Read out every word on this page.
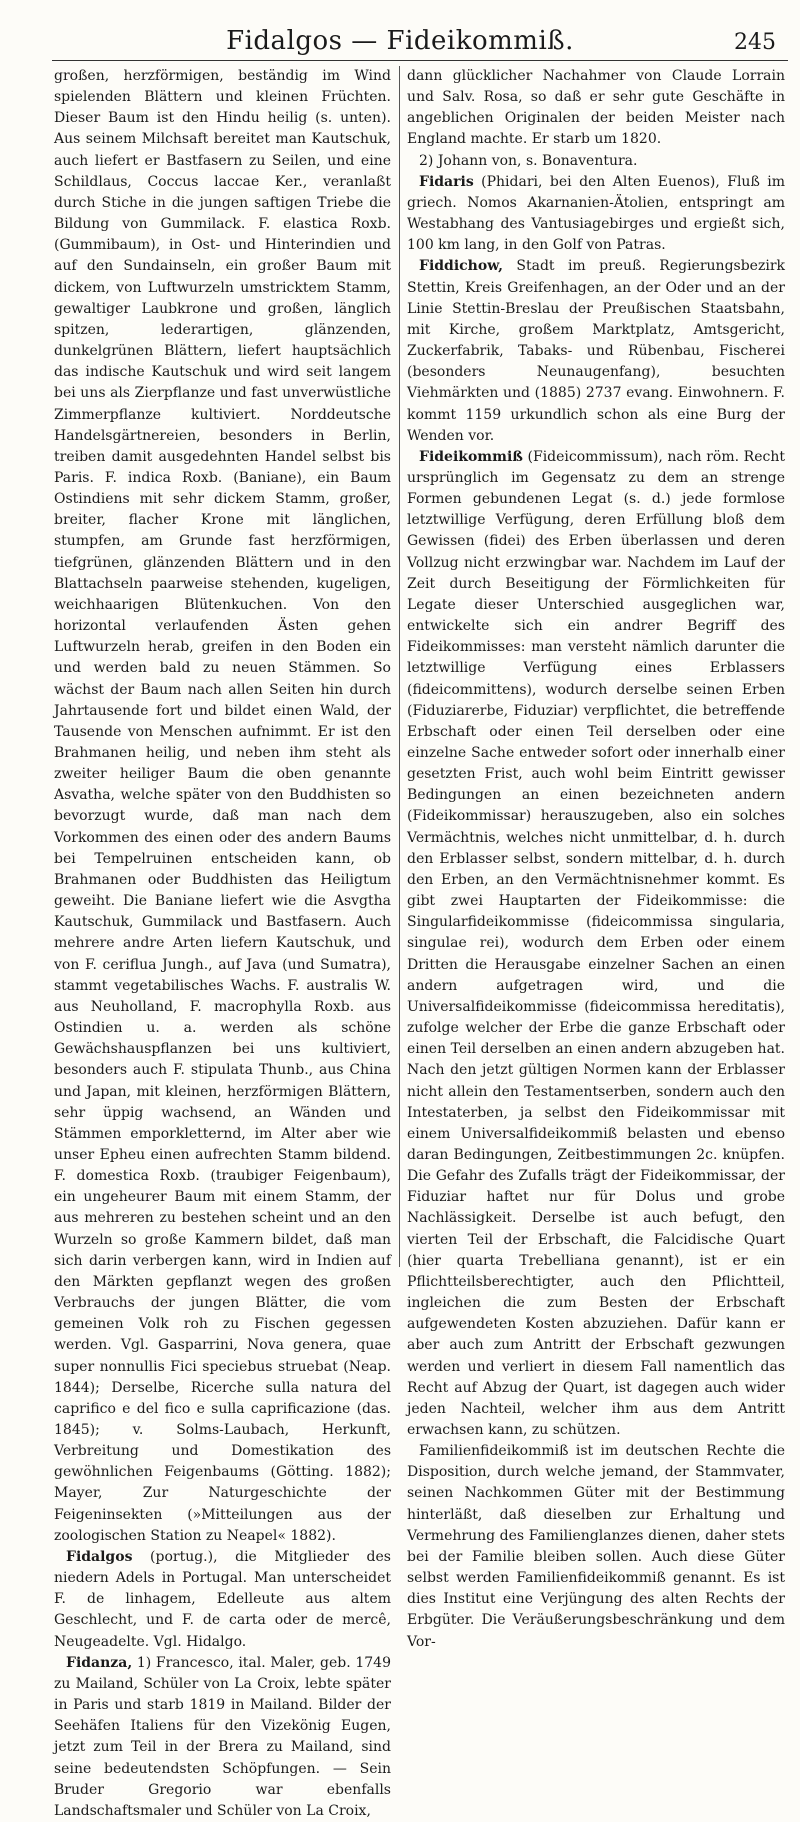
Fidalgos — Fideikommiß.	245

großen, herzförmigen, beständig im Wind spielenden Blättern und kleinen Früchten. Dieser Baum ist den Hindu heilig (s. unten). Aus seinem Milchsaft bereitet man Kautschuk, auch liefert er Bastfasern zu Seilen, und eine Schildlaus, Coccus laccae Ker., veranlaßt durch Stiche in die jungen saftigen Triebe die Bildung von Gummilack. F. elastica Roxb. (Gummibaum), in Ost- und Hinterindien und auf den Sundainseln, ein großer Baum mit dickem, von Luftwurzeln umstricktem Stamm, gewaltiger Laubkrone und großen, länglich spitzen, lederartigen, glänzenden, dunkelgrünen Blättern, liefert hauptsächlich das indische Kautschuk und wird seit langem bei uns als Zierpflanze und fast unverwüstliche Zimmerpflanze kultiviert. Norddeutsche Handelsgärtnereien, besonders in Berlin, treiben damit ausgedehnten Handel selbst bis Paris. F. indica Roxb. (Baniane), ein Baum Ostindiens mit sehr dickem Stamm, großer, breiter, flacher Krone mit länglichen, stumpfen, am Grunde fast herzförmigen, tiefgrünen, glänzenden Blättern und in den Blattachseln paarweise stehenden, kugeligen, weichhaarigen Blütenkuchen. Von den horizontal verlaufenden Ästen gehen Luftwurzeln herab, greifen in den Boden ein und werden bald zu neuen Stämmen. So wächst der Baum nach allen Seiten hin durch Jahrtausende fort und bildet einen Wald, der Tausende von Menschen aufnimmt. Er ist den Brahmanen heilig, und neben ihm steht als zweiter heiliger Baum die oben genannte Asvatha, welche später von den Buddhisten so bevorzugt wurde, daß man nach dem Vorkommen des einen oder des andern Baums bei Tempelruinen entscheiden kann, ob Brahmanen oder Buddhisten das Heiligtum geweiht. Die Baniane liefert wie die Asvgtha Kautschuk, Gummilack und Bastfasern. Auch mehrere andre Arten liefern Kautschuk, und von F. ceriflua Jungh., auf Java (und Sumatra), stammt vegetabilisches Wachs. F. australis W. aus Neuholland, F. macrophylla Roxb. aus Ostindien u. a. werden als schöne Gewächshauspflanzen bei uns kultiviert, besonders auch F. stipulata Thunb., aus China und Japan, mit kleinen, herzförmigen Blättern, sehr üppig wachsend, an Wänden und Stämmen emporkletternd, im Alter aber wie unser Epheu einen aufrechten Stamm bildend. F. domestica Roxb. (traubiger Feigenbaum), ein ungeheurer Baum mit einem Stamm, der aus mehreren zu bestehen scheint und an den Wurzeln so große Kammern bildet, daß man sich darin verbergen kann, wird in Indien auf den Märkten gepflanzt wegen des großen Verbrauchs der jungen Blätter, die vom gemeinen Volk roh zu Fischen gegessen werden. Vgl. Gasparrini, Nova genera, quae super nonnullis Fici speciebus struebat (Neap. 1844); Derselbe, Ricerche sulla natura del caprifico e del fico e sulla caprificazione (das. 1845); v. Solms-Laubach, Herkunft, Verbreitung und Domestikation des gewöhnlichen Feigenbaums (Götting. 1882); Mayer, Zur Naturgeschichte der Feigeninsekten (»Mitteilungen aus der zoologischen Station zu Neapel« 1882).

Fidalgos (portug.), die Mitglieder des niedern Adels in Portugal. Man unterscheidet F. de linhagem, Edelleute aus altem Geschlecht, und F. de carta oder de mercê, Neugeadelte. Vgl. Hidalgo.

Fidanza, 1) Francesco, ital. Maler, geb. 1749 zu Mailand, Schüler von La Croix, lebte später in Paris und starb 1819 in Mailand. Bilder der Seehäfen Italiens für den Vizekönig Eugen, jetzt zum Teil in der Brera zu Mailand, sind seine bedeutendsten Schöpfungen. — Sein Bruder Gregorio war ebenfalls Landschaftsmaler und Schüler von La Croix,

dann glücklicher Nachahmer von Claude Lorrain und Salv. Rosa, so daß er sehr gute Geschäfte in angeblichen Originalen der beiden Meister nach England machte. Er starb um 1820.

2) Johann von, s. Bonaventura.

Fidaris (Phidari, bei den Alten Euenos), Fluß im griech. Nomos Akarnanien-Ätolien, entspringt am Westabhang des Vantusiagebirges und ergießt sich, 100 km lang, in den Golf von Patras.

Fiddichow, Stadt im preuß. Regierungsbezirk Stettin, Kreis Greifenhagen, an der Oder und an der Linie Stettin-Breslau der Preußischen Staatsbahn, mit Kirche, großem Marktplatz, Amtsgericht, Zuckerfabrik, Tabaks- und Rübenbau, Fischerei (besonders Neunaugenfang), besuchten Viehmärkten und (1885) 2737 evang. Einwohnern. F. kommt 1159 urkundlich schon als eine Burg der Wenden vor.

Fideikommiß (Fideicommissum), nach röm. Recht ursprünglich im Gegensatz zu dem an strenge Formen gebundenen Legat (s. d.) jede formlose letztwillige Verfügung, deren Erfüllung bloß dem Gewissen (fidei) des Erben überlassen und deren Vollzug nicht erzwingbar war. Nachdem im Lauf der Zeit durch Beseitigung der Förmlichkeiten für Legate dieser Unterschied ausgeglichen war, entwickelte sich ein andrer Begriff des Fideikommisses: man versteht nämlich darunter die letztwillige Verfügung eines Erblassers (fideicommittens), wodurch derselbe seinen Erben (Fiduziarerbe, Fiduziar) verpflichtet, die betreffende Erbschaft oder einen Teil derselben oder eine einzelne Sache entweder sofort oder innerhalb einer gesetzten Frist, auch wohl beim Eintritt gewisser Bedingungen an einen bezeichneten andern (Fideikommissar) herauszugeben, also ein solches Vermächtnis, welches nicht unmittelbar, d. h. durch den Erblasser selbst, sondern mittelbar, d. h. durch den Erben, an den Vermächtnisnehmer kommt. Es gibt zwei Hauptarten der Fideikommisse: die Singularfideikommisse (fideicommissa singularia, singulae rei), wodurch dem Erben oder einem Dritten die Herausgabe einzelner Sachen an einen andern aufgetragen wird, und die Universalfideikommisse (fideicommissa hereditatis), zufolge welcher der Erbe die ganze Erbschaft oder einen Teil derselben an einen andern abzugeben hat. Nach den jetzt gültigen Normen kann der Erblasser nicht allein den Testamentserben, sondern auch den Intestaterben, ja selbst den Fideikommissar mit einem Universalfideikommiß belasten und ebenso daran Bedingungen, Zeitbestimmungen 2c. knüpfen. Die Gefahr des Zufalls trägt der Fideikommissar, der Fiduziar haftet nur für Dolus und grobe Nachlässigkeit. Derselbe ist auch befugt, den vierten Teil der Erbschaft, die Falcidische Quart (hier quarta Trebelliana genannt), ist er ein Pflichtteilsberechtigter, auch den Pflichtteil, ingleichen die zum Besten der Erbschaft aufgewendeten Kosten abzuziehen. Dafür kann er aber auch zum Antritt der Erbschaft gezwungen werden und verliert in diesem Fall namentlich das Recht auf Abzug der Quart, ist dagegen auch wider jeden Nachteil, welcher ihm aus dem Antritt erwachsen kann, zu schützen.

Familienfideikommiß ist im deutschen Rechte die Disposition, durch welche jemand, der Stammvater, seinen Nachkommen Güter mit der Bestimmung hinterläßt, daß dieselben zur Erhaltung und Vermehrung des Familienglanzes dienen, daher stets bei der Familie bleiben sollen. Auch diese Güter selbst werden Familienfideikommiß genannt. Es ist dies Institut eine Verjüngung des alten Rechts der Erbgüter. Die Veräußerungsbeschränkung und dem Vor-
